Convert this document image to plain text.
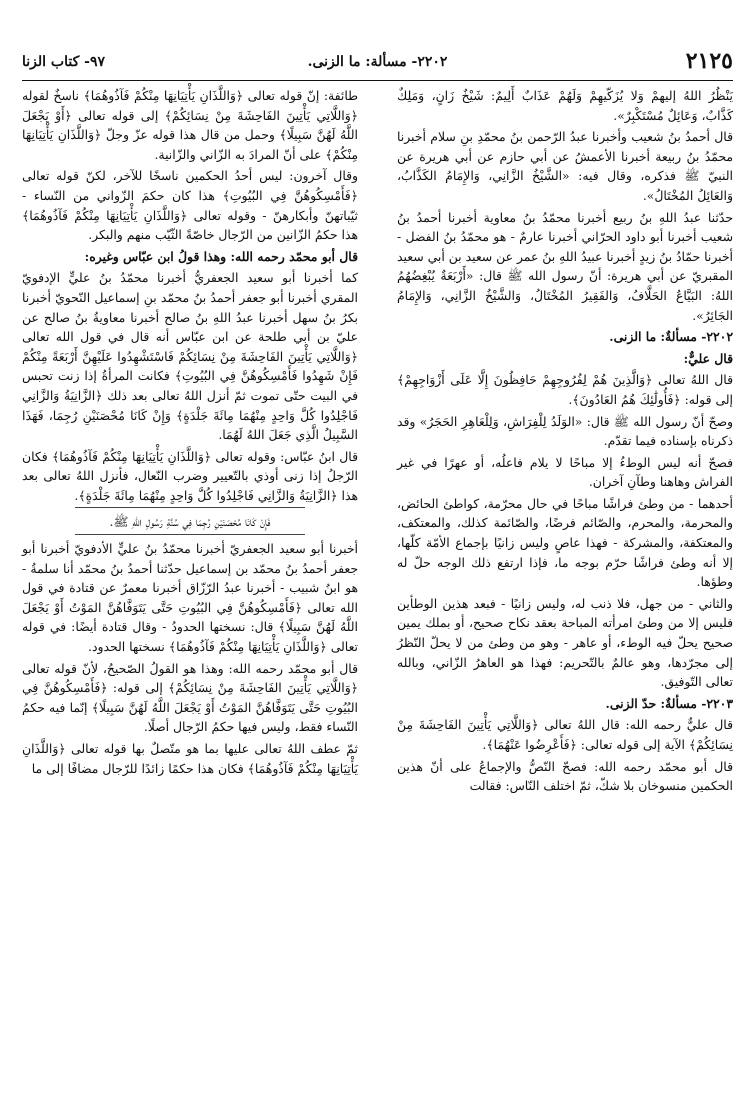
٢١٢٥
٢٢٠٢- مسألة: ما الزنى.
٩٧- كتاب الزنا

يَنْظُرُ اللهُ إليهمْ وَلا يُزَكّيهِمْ وَلَهُمْ عَذَابٌ أَلِيمٌ: شَيْخٌ زَانٍ، وَمَلِكٌ كَذَّابٌ، وَعَائِلٌ مُسْتَكْبِرٌ».

قال أحمدُ بنُ شعيب وأخبرنا عبدُ الرّحمن بنُ محمّدِ بنِ سلام أخبرنا محمّدُ بنُ ربيعة أخبرنا الأعمشُ عن أبي حازم عن أبي هريرة عن النبيّ ﷺ فذكره، وقال فيه: «الشَّيْخُ الزَّانِي، وَالإِمَامُ الكَذَّابُ، وَالعَائِلُ المُخْتَالُ».

حدّثنا عبدُ اللهِ بنُ ربيع أخبرنا محمّدُ بنُ معاوية أخبرنا أحمدُ بنُ شعيب أخبرنا أبو داود الحرّاني أخبرنا عارمٌ - هو محمّدُ بنُ الفضل - أخبرنا حمّادُ بنُ زيدٍ أخبرنا عبيدُ اللهِ بنُ عمر عن سعيد بن أبي سعيد المقبريّ عن أبي هريرة: أنّ رسول الله ﷺ قال: «أَرْبَعَةٌ يُبْغِضُهُمُ اللهُ: البَيَّاعُ الحَلَّافُ، وَالفَقِيرُ المُخْتَالُ، وَالشَّيْخُ الزَّانِي، وَالإِمَامُ الجَائِرُ».

٢٢٠٢- مسألةٌ: ما الزنى.

قال عليٌّ:

قال اللهُ تعالى ﴿وَالَّذِينَ هُمْ لِفُرُوجِهِمْ حَافِظُونَ إِلَّا عَلَى أَزْوَاجِهِمْ﴾ إلى قوله: ﴿فَأُولَٰئِكَ هُمُ العَادُونَ﴾.

وصحّ أنّ رسول الله ﷺ قال: «الوَلَدُ لِلْفِرَاشِ، وَلِلْعَاهِرِ الحَجَرُ» وقد ذكرناه بإسناده فيما تقدّم.

فصحّ أنه ليس الوطءُ إلا مباحًا لا يلام فاعلُه، أو عهرًا في غير الفراش وهاهنا وطآنِ آخران.

أحدهما - من وطئ فراشًا مباحًا في حال محرّمة، كواطئ الحائض، والمحرمة، والمحرم، والصّائم فرضًا، والصّائمة كذلك، والمعتكف، والمعتكفة، والمشركة - فهذا عاصٍ وليس زانيًا بإجماع الأمّة كلّها، إلا أنه وطئ فراشًا حرّم بوجه ما، فإذا ارتفع ذلك الوجه حلّ له وطؤها.

والثاني - من جهل، فلا ذنب له، وليس زانيًا - فبعد هذين الوطأين فليس إلا من وطئ امرأته المباحة بعقد نكاح صحيح، أو بملك يمين صحيح يحلّ فيه الوطء، أو عاهر - وهو من وطئ من لا يحلّ النّظرُ إلى مجرّدها، وهو عالمٌ بالتّحريم: فهذا هو العاهرُ الزّاني، وبالله تعالى التّوفيق.

٢٢٠٣- مسألةٌ: حدّ الزنى.

قال عليٌّ رحمه الله: قال اللهُ تعالى ﴿وَاللَّاتِي يَأْتِينَ الفَاحِشَةَ مِنْ نِسَائِكُمْ﴾ الآية إلى قوله تعالى: ﴿فَأَعْرِضُوا عَنْهُمَا﴾.

قال أبو محمّد رحمه الله: فصحّ النّصُّ والإجماعُ على أنّ هذين الحكمين منسوخان بلا شكّ، ثمّ اختلف النّاس: فقالت

طائفة: إنّ قوله تعالى ﴿وَاللَّذَانِ يَأْتِيَانِهَا مِنْكُمْ فَآذُوهُمَا﴾ ناسخٌ لقوله ﴿وَاللَّاتِي يَأْتِينَ الفَاحِشَةَ مِنْ نِسَائِكُمْ﴾ إلى قوله تعالى ﴿أَوْ يَجْعَلَ اللَّهُ لَهُنَّ سَبِيلًا﴾ وحمل من قال هذا قوله عزّ وجلّ ﴿وَاللَّذَانِ يَأْتِيَانِهَا مِنْكُمْ﴾ على أنّ المرادَ به الزّاني والزّانية.

وقال آخرون: ليس أحدُ الحكمين ناسخًا للآخر، لكنّ قوله تعالى ﴿فَأَمْسِكُوهُنَّ فِي البُيُوتِ﴾ هذا كان حكمَ الزّواني من النّساء - ثيّباتهنّ وأبكارهنّ - وقوله تعالى ﴿وَاللَّذَانِ يَأْتِيَانِهَا مِنْكُمْ فَآذُوهُمَا﴾ هذا حكمُ الزّانين من الرّجال خاصّةً الثّيّب منهم والبكر.

قال أبو محمّد رحمه الله: وهذا قولُ ابن عبّاس وغيره:

كما أخبرنا أبو سعيد الجعفريُّ أخبرنا محمّدُ بنُ عليٍّ الإدفويّ المقري أخبرنا أبو جعفر أحمدُ بنُ محمّد بنِ إسماعيل النّحويّ أخبرنا بكرُ بنُ سهل أخبرنا عبدُ اللهِ بنُ صالح أخبرنا معاويةُ بنُ صالح عن عليّ بن أبي طلحة عن ابن عبّاس أنه قال في قول الله تعالى ﴿وَاللَّاتِي يَأْتِينَ الفَاحِشَةَ مِنْ نِسَائِكُمْ فَاسْتَشْهِدُوا عَلَيْهِنَّ أَرْبَعَةً مِنْكُمْ فَإِنْ شَهِدُوا فَأَمْسِكُوهُنَّ فِي البُيُوتِ﴾ فكانت المرأةُ إذا زنت تحبس في البيت حتّى تموت ثمّ أنزل اللهُ تعالى بعد ذلك ﴿الزَّانِيَةُ وَالزَّانِي فَاجْلِدُوا كُلَّ وَاحِدٍ مِنْهُمَا مِائَةَ جَلْدَةٍ﴾ وَإِنْ كَانَا مُحْصَنَيْنِ رُجِمَا، فَهَذَا السَّبِيلُ الَّذِي جَعَلَ اللهُ لَهُمَا.

قال ابنُ عبّاس: وقوله تعالى ﴿وَاللَّذَانِ يَأْتِيَانِهَا مِنْكُمْ فَآذُوهُمَا﴾ فكان الرّجلُ إذا زنى أوذي بالتّعيير وضرب النّعال، فأنزل اللهُ تعالى بعد هذا ﴿الزَّانِيَةُ وَالزَّانِي فَاجْلِدُوا كُلَّ وَاحِدٍ مِنْهُمَا مِائَةَ جَلْدَةٍ﴾.

فَإِنْ كَانَا مُحْصَنَيْنِ رُجِمَا فِي سُنَّةِ رَسُولِ اللهِ ﷺ.

أخبرنا أبو سعيد الجعفريّ أخبرنا محمّدُ بنُ عليٍّ الأدفويّ أخبرنا أبو جعفر أحمدُ بنُ محمّد بن إسماعيل حدّثنا أحمدُ بنُ محمّد أنا سلمةُ - هو ابنُ شبيب - أخبرنا عبدُ الرّزّاق أخبرنا معمرٌ عن قتادة في قول الله تعالى ﴿فَأَمْسِكُوهُنَّ فِي البُيُوتِ حَتَّى يَتَوَفَّاهُنَّ المَوْتُ أَوْ يَجْعَلَ اللَّهُ لَهُنَّ سَبِيلًا﴾ قال: نسختها الحدودُ - وقال قتادة أيضًا: في قوله تعالى ﴿وَاللَّذَانِ يَأْتِيَانِهَا مِنْكُمْ فَآذُوهُمَا﴾ نسختها الحدود.

قال أبو محمّد رحمه الله: وهذا هو القولُ الصّحيحُ، لأنّ قوله تعالى ﴿وَاللَّاتِي يَأْتِينَ الفَاحِشَةَ مِنْ نِسَائِكُمْ﴾ إلى قوله: ﴿فَأَمْسِكُوهُنَّ فِي البُيُوتِ حَتَّى يَتَوَفَّاهُنَّ المَوْتُ أَوْ يَجْعَلَ اللَّهُ لَهُنَّ سَبِيلًا﴾ إنّما فيه حكمُ النّساء فقط، وليس فيها حكمُ الرّجال أصلًا.

ثمّ عطف اللهُ تعالى عليها بما هو متّصلٌ بها قوله تعالى ﴿وَاللَّذَانِ يَأْتِيَانِهَا مِنْكُمْ فَآذُوهُمَا﴾ فكان هذا حكمًا زائدًا للرّجال مضافًا إلى ما
